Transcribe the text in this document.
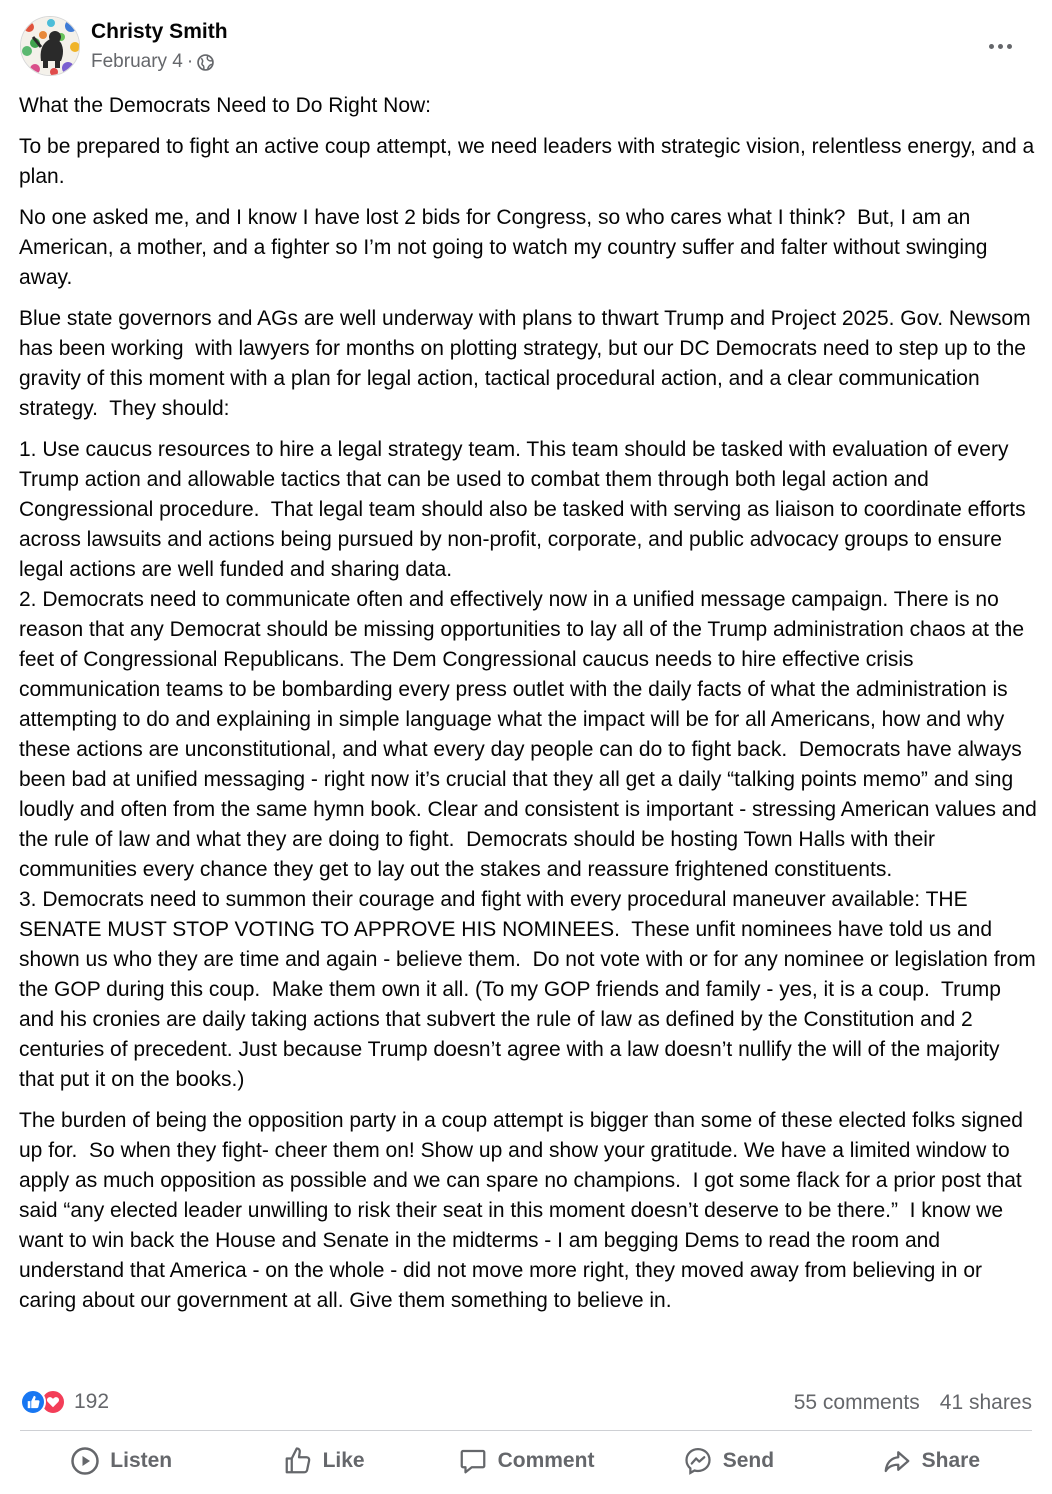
Christy Smith
February 4 ·

What the Democrats Need to Do Right Now:

To be prepared to fight an active coup attempt, we need leaders with strategic vision, relentless energy, and a plan.

No one asked me, and I know I have lost 2 bids for Congress, so who cares what I think?  But, I am an American, a mother, and a fighter so I’m not going to watch my country suffer and falter without swinging away.

Blue state governors and AGs are well underway with plans to thwart Trump and Project 2025. Gov. Newsom has been working  with lawyers for months on plotting strategy, but our DC Democrats need to step up to the gravity of this moment with a plan for legal action, tactical procedural action, and a clear communication strategy.  They should:

1. Use caucus resources to hire a legal strategy team. This team should be tasked with evaluation of every Trump action and allowable tactics that can be used to combat them through both legal action and Congressional procedure.  That legal team should also be tasked with serving as liaison to coordinate efforts across lawsuits and actions being pursued by non-profit, corporate, and public advocacy groups to ensure legal actions are well funded and sharing data.
2. Democrats need to communicate often and effectively now in a unified message campaign. There is no reason that any Democrat should be missing opportunities to lay all of the Trump administration chaos at the feet of Congressional Republicans. The Dem Congressional caucus needs to hire effective crisis communication teams to be bombarding every press outlet with the daily facts of what the administration is attempting to do and explaining in simple language what the impact will be for all Americans, how and why these actions are unconstitutional, and what every day people can do to fight back.  Democrats have always been bad at unified messaging - right now it’s crucial that they all get a daily “talking points memo” and sing loudly and often from the same hymn book. Clear and consistent is important - stressing American values and the rule of law and what they are doing to fight.  Democrats should be hosting Town Halls with their communities every chance they get to lay out the stakes and reassure frightened constituents.
3. Democrats need to summon their courage and fight with every procedural maneuver available: THE SENATE MUST STOP VOTING TO APPROVE HIS NOMINEES.  These unfit nominees have told us and shown us who they are time and again - believe them.  Do not vote with or for any nominee or legislation from the GOP during this coup.  Make them own it all. (To my GOP friends and family - yes, it is a coup.  Trump and his cronies are daily taking actions that subvert the rule of law as defined by the Constitution and 2 centuries of precedent. Just because Trump doesn’t agree with a law doesn’t nullify the will of the majority that put it on the books.)

The burden of being the opposition party in a coup attempt is bigger than some of these elected folks signed up for.  So when they fight- cheer them on! Show up and show your gratitude. We have a limited window to apply as much opposition as possible and we can spare no champions.  I got some flack for a prior post that said “any elected leader unwilling to risk their seat in this moment doesn’t deserve to be there.”  I know we want to win back the House and Senate in the midterms - I am begging Dems to read the room and understand that America - on the whole - did not move more right, they moved away from believing in or caring about our government at all. Give them something to believe in.

192	55 comments 41 shares
Listen	Like	Comment	Send	Share
